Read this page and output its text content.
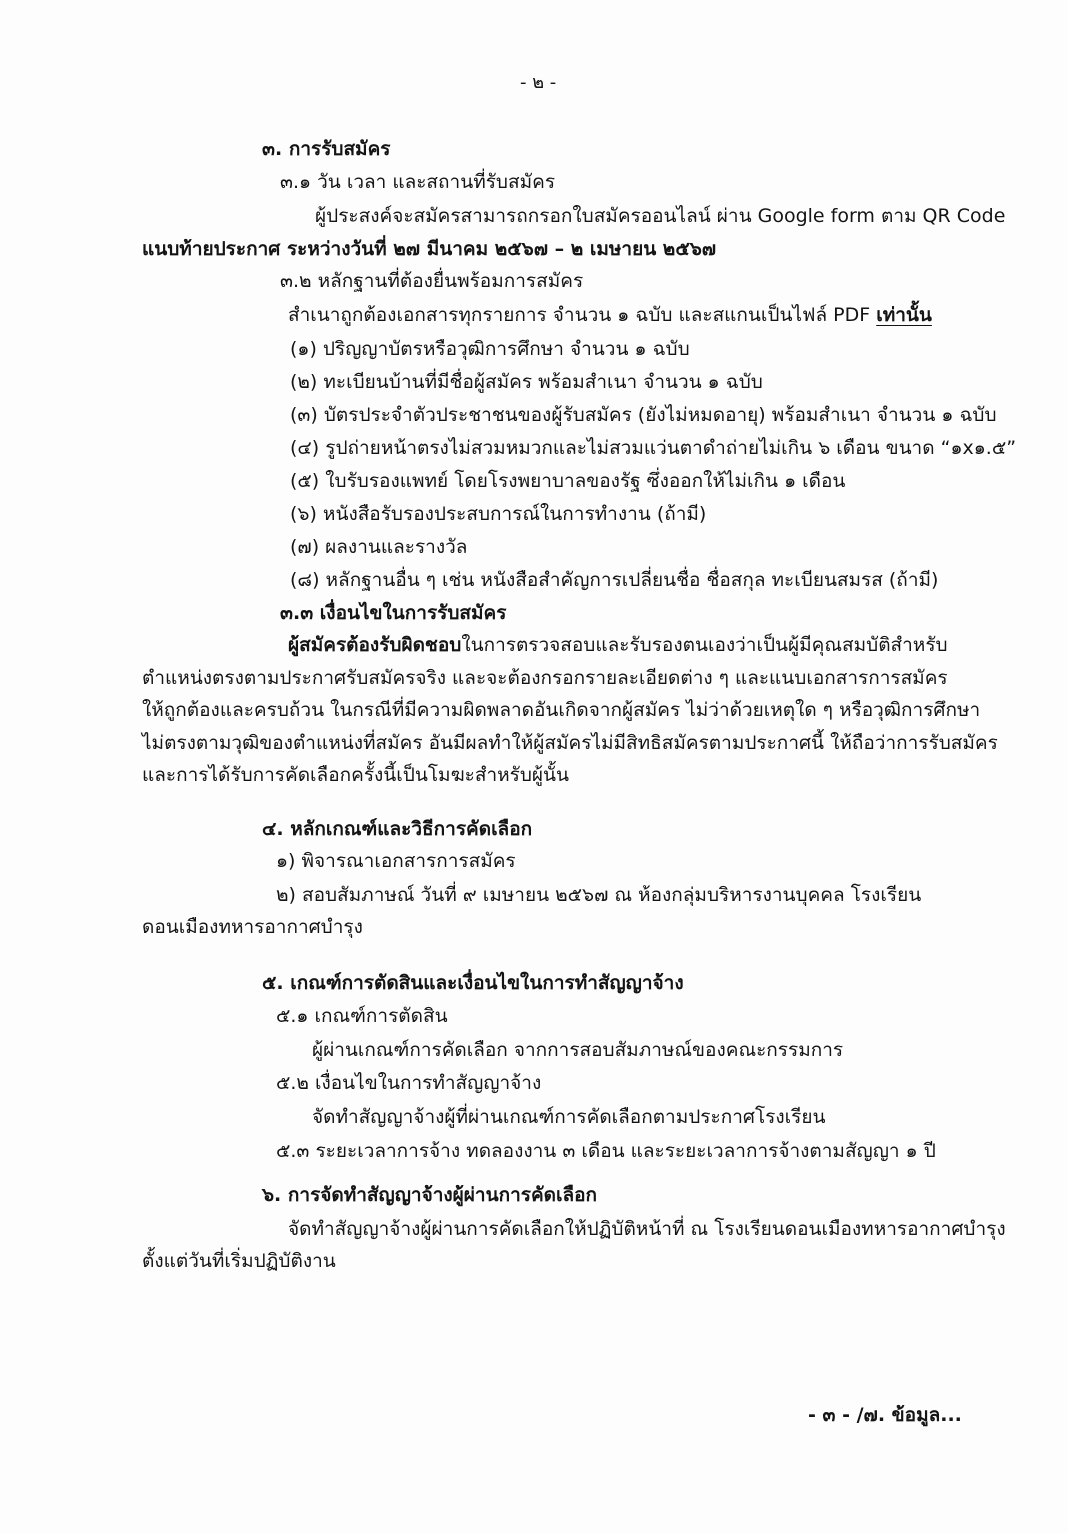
- ๒ -
๓. การรับสมัคร
๓.๑ วัน เวลา และสถานที่รับสมัคร
ผู้ประสงค์จะสมัครสามารถกรอกใบสมัครออนไลน์ ผ่าน Google form ตาม QR Code
แนบท้ายประกาศ ระหว่างวันที่ ๒๗ มีนาคม ๒๕๖๗ – ๒ เมษายน ๒๕๖๗
๓.๒ หลักฐานที่ต้องยื่นพร้อมการสมัคร
สำเนาถูกต้องเอกสารทุกรายการ จำนวน ๑ ฉบับ และสแกนเป็นไฟล์ PDF เท่านั้น
(๑) ปริญญาบัตรหรือวุฒิการศึกษา จำนวน ๑ ฉบับ
(๒) ทะเบียนบ้านที่มีชื่อผู้สมัคร พร้อมสำเนา จำนวน ๑ ฉบับ
(๓) บัตรประจำตัวประชาชนของผู้รับสมัคร (ยังไม่หมดอายุ) พร้อมสำเนา จำนวน ๑ ฉบับ
(๔) รูปถ่ายหน้าตรงไม่สวมหมวกและไม่สวมแว่นตาดำถ่ายไม่เกิน ๖ เดือน ขนาด “๑x๑.๕”
(๕) ใบรับรองแพทย์ โดยโรงพยาบาลของรัฐ ซึ่งออกให้ไม่เกิน ๑ เดือน
(๖) หนังสือรับรองประสบการณ์ในการทำงาน (ถ้ามี)
(๗) ผลงานและรางวัล
(๘) หลักฐานอื่น ๆ เช่น หนังสือสำคัญการเปลี่ยนชื่อ ชื่อสกุล ทะเบียนสมรส (ถ้ามี)
๓.๓ เงื่อนไขในการรับสมัคร
ผู้สมัครต้องรับผิดชอบในการตรวจสอบและรับรองตนเองว่าเป็นผู้มีคุณสมบัติสำหรับ
ตำแหน่งตรงตามประกาศรับสมัครจริง และจะต้องกรอกรายละเอียดต่าง ๆ และแนบเอกสารการสมัคร
ให้ถูกต้องและครบถ้วน ในกรณีที่มีความผิดพลาดอันเกิดจากผู้สมัคร ไม่ว่าด้วยเหตุใด ๆ หรือวุฒิการศึกษา
ไม่ตรงตามวุฒิของตำแหน่งที่สมัคร อันมีผลทำให้ผู้สมัครไม่มีสิทธิสมัครตามประกาศนี้ ให้ถือว่าการรับสมัคร
และการได้รับการคัดเลือกครั้งนี้เป็นโมฆะสำหรับผู้นั้น
๔. หลักเกณฑ์และวิธีการคัดเลือก
๑) พิจารณาเอกสารการสมัคร
๒) สอบสัมภาษณ์ วันที่ ๙ เมษายน ๒๕๖๗ ณ ห้องกลุ่มบริหารงานบุคคล โรงเรียน
ดอนเมืองทหารอากาศบำรุง
๕. เกณฑ์การตัดสินและเงื่อนไขในการทำสัญญาจ้าง
๕.๑ เกณฑ์การตัดสิน
ผู้ผ่านเกณฑ์การคัดเลือก จากการสอบสัมภาษณ์ของคณะกรรมการ
๕.๒ เงื่อนไขในการทำสัญญาจ้าง
จัดทำสัญญาจ้างผู้ที่ผ่านเกณฑ์การคัดเลือกตามประกาศโรงเรียน
๕.๓ ระยะเวลาการจ้าง ทดลองงาน ๓ เดือน และระยะเวลาการจ้างตามสัญญา ๑ ปี
๖. การจัดทำสัญญาจ้างผู้ผ่านการคัดเลือก
จัดทำสัญญาจ้างผู้ผ่านการคัดเลือกให้ปฏิบัติหน้าที่ ณ โรงเรียนดอนเมืองทหารอากาศบำรุง
ตั้งแต่วันที่เริ่มปฏิบัติงาน
- ๓ - /๗. ข้อมูล...
